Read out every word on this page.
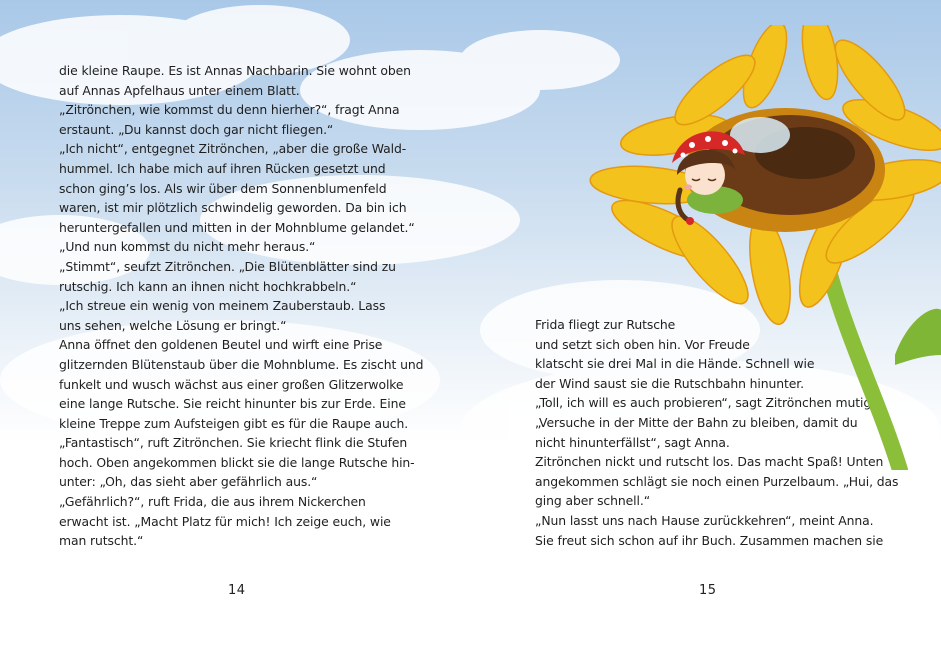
die kleine Raupe. Es ist Annas Nachbarin. Sie wohnt oben
auf Annas Apfelhaus unter einem Blatt.
„Zitrönchen, wie kommst du denn hierher?“, fragt Anna
erstaunt. „Du kannst doch gar nicht fliegen.“
„Ich nicht“, entgegnet Zitrönchen, „aber die große Wald-
hummel. Ich habe mich auf ihren Rücken gesetzt und
schon ging’s los. Als wir über dem Sonnenblumenfeld
waren, ist mir plötzlich schwindelig geworden. Da bin ich
heruntergefallen und mitten in der Mohnblume gelandet.“
„Und nun kommst du nicht mehr heraus.“
„Stimmt“, seufzt Zitrönchen. „Die Blütenblätter sind zu
rutschig. Ich kann an ihnen nicht hochkrabbeln.“
„Ich streue ein wenig von meinem Zauberstaub. Lass
uns sehen, welche Lösung er bringt.“
Anna öffnet den goldenen Beutel und wirft eine Prise
glitzernden Blütenstaub über die Mohnblume. Es zischt und
funkelt und wusch wächst aus einer großen Glitzerwolke
eine lange Rutsche. Sie reicht hinunter bis zur Erde. Eine
kleine Treppe zum Aufsteigen gibt es für die Raupe auch.
„Fantastisch“, ruft Zitrönchen. Sie kriecht flink die Stufen
hoch. Oben angekommen blickt sie die lange Rutsche hin-
unter: „Oh, das sieht aber gefährlich aus.“
„Gefährlich?“, ruft Frida, die aus ihrem Nickerchen
erwacht ist. „Macht Platz für mich! Ich zeige euch, wie
man rutscht.“
14
Frida fliegt zur Rutsche
und setzt sich oben hin. Vor Freude
klatscht sie drei Mal in die Hände. Schnell wie
der Wind saust sie die Rutschbahn hinunter.
„Toll, ich will es auch probieren“, sagt Zitrönchen mutig.
„Versuche in der Mitte der Bahn zu bleiben, damit du
nicht hinunterfällst“, sagt Anna.
Zitrönchen nickt und rutscht los. Das macht Spaß! Unten
angekommen schlägt sie noch einen Purzelbaum. „Hui, das
ging aber schnell.“
„Nun lasst uns nach Hause zurückkehren“, meint Anna.
Sie freut sich schon auf ihr Buch. Zusammen machen sie
15
